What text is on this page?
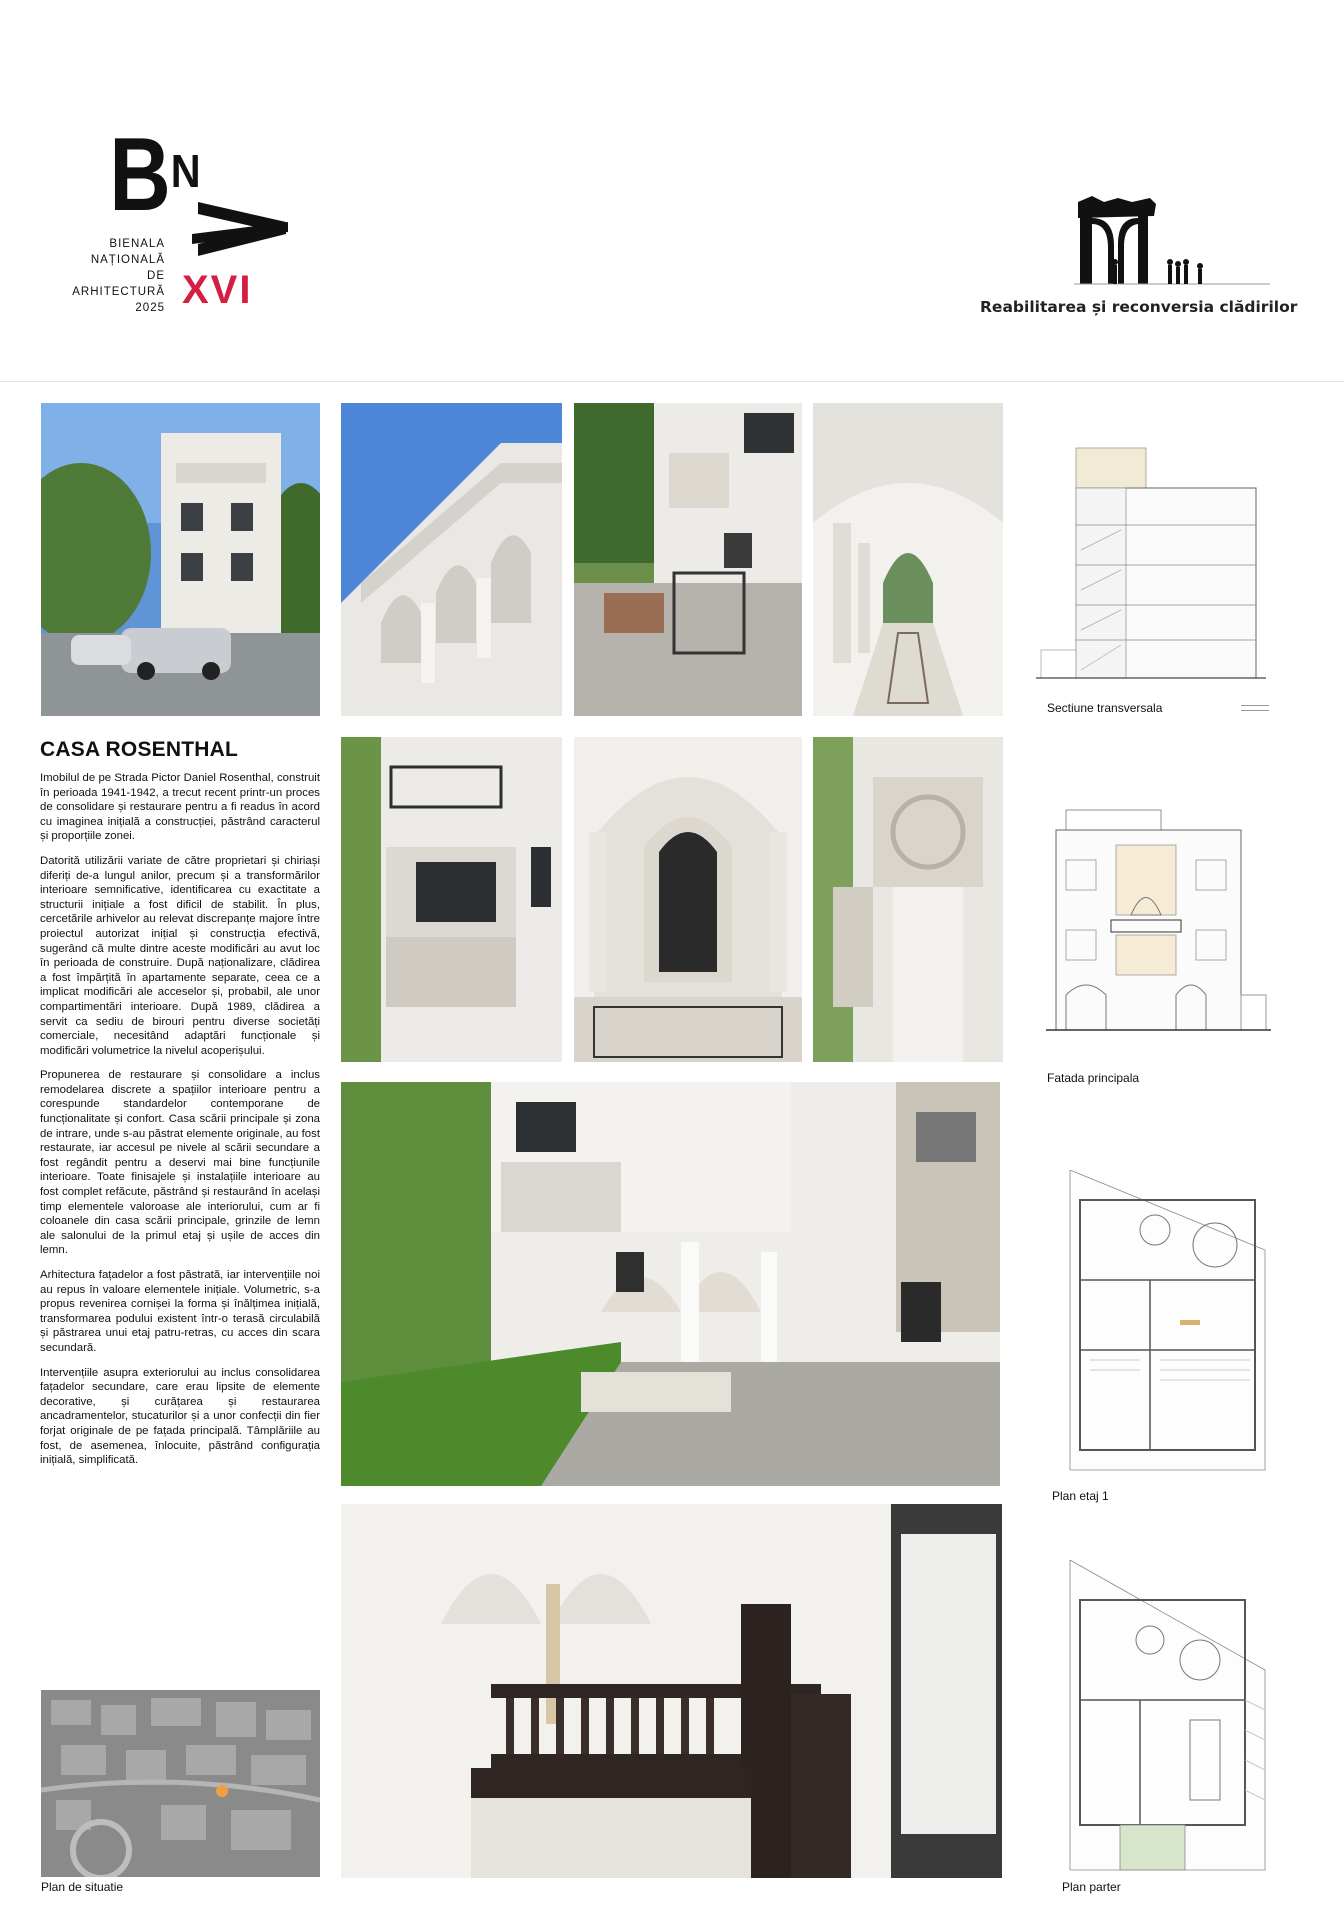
B N
BIENALA
NAȚIONALĂ
DE
ARHITECTURĂ
2025 XVI	Reabilitarea și reconversia clădirilor
CASA ROSENTHAL

Imobilul de pe Strada Pictor Daniel Rosenthal, construit în perioada 1941-1942, a trecut recent printr-un proces de consolidare și restaurare pentru a fi readus în acord cu imaginea inițială a construcției, păstrând caracterul și proporțiile zonei.

Datorită utilizării variate de către proprietari și chiriași diferiți de-a lungul anilor, precum și a transformărilor interioare semnificative, identificarea cu exactitate a structurii inițiale a fost dificil de stabilit. În plus, cercetările arhivelor au relevat discrepanțe majore între proiectul autorizat inițial și construcția efectivă, sugerând că multe dintre aceste modificări au avut loc în perioada de construire. După naționalizare, clădirea a fost împărțită în apartamente separate, ceea ce a implicat modificări ale acceselor și, probabil, ale unor compartimentări interioare. După 1989, clădirea a servit ca sediu de birouri pentru diverse societăți comerciale, necesitând adaptări funcționale și modificări volumetrice la nivelul acoperișului.

Propunerea de restaurare și consolidare a inclus remodelarea discrete a spațiilor interioare pentru a corespunde standardelor contemporane de funcționalitate și confort. Casa scării principale și zona de intrare, unde s-au păstrat elemente originale, au fost restaurate, iar accesul pe nivele al scării secundare a fost regândit pentru a deservi mai bine funcțiunile interioare. Toate finisajele și instalațiile interioare au fost complet refăcute, păstrând și restaurând în același timp elementele valoroase ale interiorului, cum ar fi coloanele din casa scării principale, grinzile de lemn ale salonului de la primul etaj și ușile de acces din lemn.

Arhitectura fațadelor a fost păstrată, iar intervențiile noi au repus în valoare elementele inițiale. Volumetric, s-a propus revenirea cornișei la forma și înălțimea inițială, transformarea podului existent într-o terasă circulabilă și păstrarea unui etaj patru-retras, cu acces din scara secundară.

Intervențiile asupra exteriorului au inclus consolidarea fațadelor secundare, care erau lipsite de elemente decorative, și curățarea și restaurarea ancadramentelor, stucaturilor și a unor confecții din fier forjat originale de pe fațada principală. Tâmplăriile au fost, de asemenea, înlocuite, păstrând configurația inițială, simplificată.

Plan de situatie
Sectiune transversala
Fatada principala
Plan etaj 1
Plan parter
